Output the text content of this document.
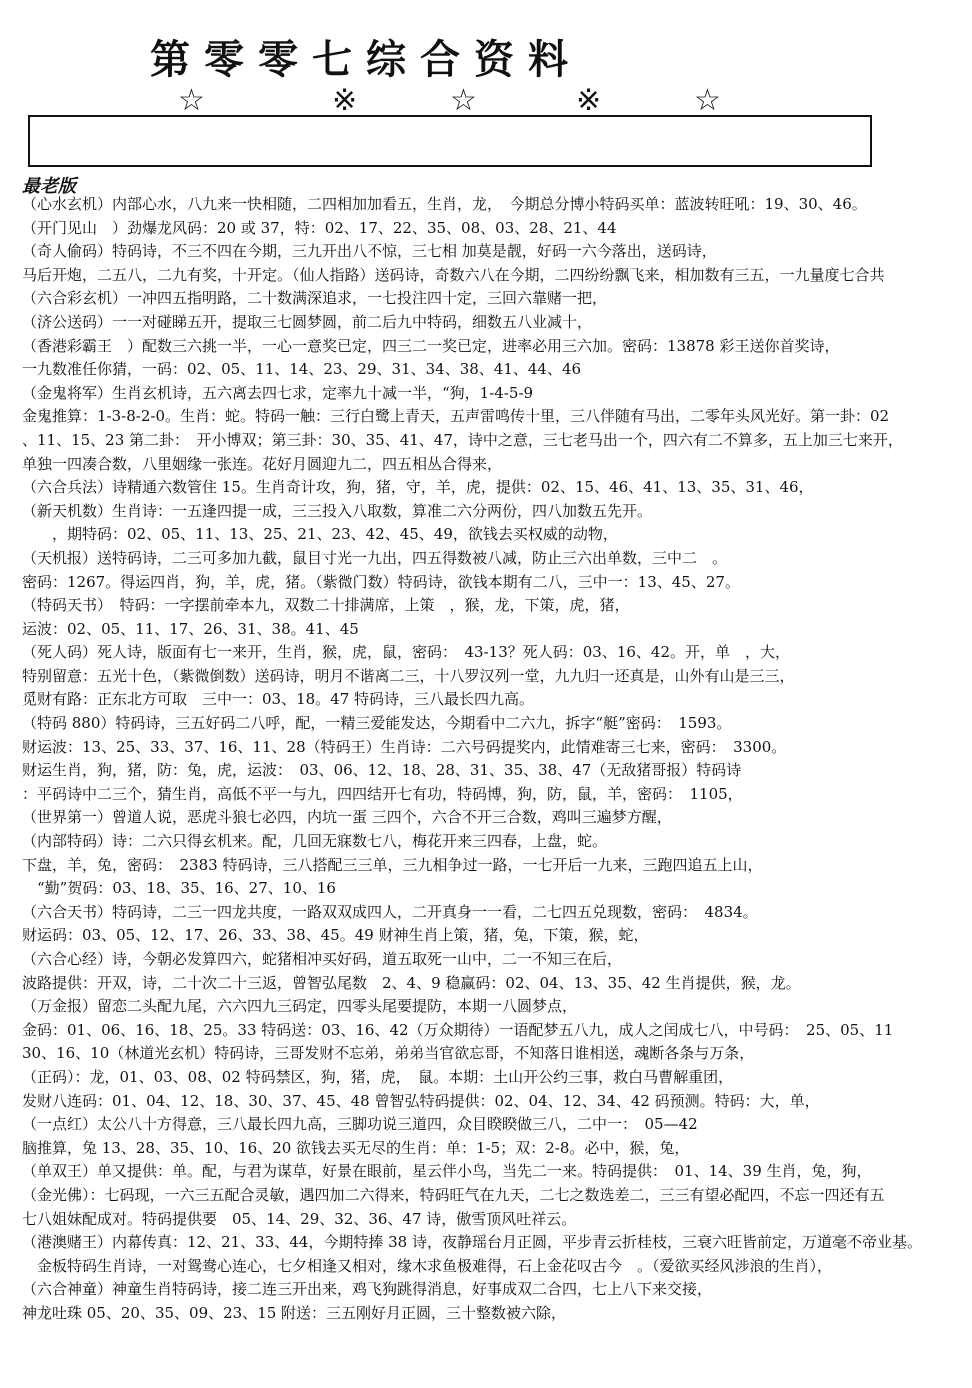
第零零七综合资料
☆	※	☆	※	☆
最老版
（心水玄机）内部心水，八九来一快相随，二四相加加看五，生肖，龙，　今期总分博小特码买单：蓝波转旺吼：19、30、46。
（开门见山　）劲爆龙风码：20 或 37，特：02、17、22、35、08、03、28、21、44
（奇人偷码）特码诗，不三不四在今期，三九开出八不惊，三七相 加莫是靓，好码一六今落出，送码诗，
马后开炮，二五八，二九有奖，十开定。（仙人指路）送码诗，奇数六八在今期，二四纷纷飘飞来，相加数有三五，一九量度七合共
（六合彩玄机）一冲四五指明路，二十数满深追求，一七投注四十定，三回六靠赌一把，
（济公送码）一一对碰睇五开，提取三七圆梦圆，前二后九中特码，细数五八业减十，
（香港彩霸王　）配数三六挑一半，一心一意奖已定，四三二一奖已定，进率必用三六加。密码：13878 彩王送你首奖诗，
一九数准任你猜，一码：02、05、11、14、23、29、31、34、38、41、44、46
（金鬼将军）生肖玄机诗，五六离去四七求，定率九十减一半，“狗，1-4-5-9
金鬼推算：1-3-8-2-0。生肖：蛇。特码一触：三行白鹭上青天，五声雷鸣传十里，三八伴随有马出，二零年头风光好。第一卦：02
、11、15、23 第二卦：　开小博双；第三卦：30、35、41、47，诗中之意，三七老马出一个，四六有二不算多，五上加三七来开，
单独一四凑合数，八里姻缘一张连。花好月圆迎九二，四五相丛合得来，
（六合兵法）诗精通六数管住 15。生肖奇计攻，狗，猪，守，羊，虎，提供：02、15、46、41、13、35、31、46，
（新天机数）生肖诗：一五逢四提一成，三三投入八取数，算准二六分两份，四八加数五先开。
　　，期特码：02、05、11、13、25、21、23、42、45、49，欲钱去买权威的动物，
（天机报）送特码诗，二三可多加九截，鼠目寸光一九出，四五得数被八减，防止三六出单数，三中二　。
密码：1267。得运四肖，狗，羊，虎，猪。（紫微门数）特码诗，欲钱本期有二八，三中一：13、45、27。
（特码天书）　特码：一字摆前牵本九，双数二十排满席，上策　，猴，龙，下策，虎，猪，
运波：02、05、11、17、26、31、38。41、45
（死人码）死人诗，版面有七一来开，生肖，猴，虎，鼠，密码：　43-13？死人码：03、16、42。开，单　，大，
特别留意：五光十色，（紫微倒数）送码诗，明月不谐离二三，十八罗汉列一堂，九九归一还真是，山外有山是三三，
觅财有路：正东北方可取　三中一：03、18。47 特码诗，三八最长四九高。
（特码 880）特码诗，三五好码二八呼，配，一精三爱能发达，今期看中二六九，拆字“艇”密码：　1593。
财运波：13、25、33、37、16、11、28（特码王）生肖诗：二六号码提奖内，此情难寄三七来，密码：　3300。
财运生肖，狗，猪，防：兔，虎，运波：　03、06、12、18、28、31、35、38、47（无敌猪哥报）特码诗
：平码诗中二三个，猜生肖，高低不平一与九，四四结开七有功，特码博，狗，防，鼠，羊，密码：　1105，
（世界第一）曾道人说，恶虎斗狼七必四，内坑一蛋 三四个，六合不开三合数，鸡叫三遍梦方醒，
（内部特码）诗：二六只得玄机来。配，几回无寐数七八，梅花开来三四春，上盘，蛇。
下盘，羊，兔，密码：　2383 特码诗，三八搭配三三单，三九相争过一路，一七开后一九来，三跑四追五上山，
　“勤”贺码：03、18、35、16、27、10、16
（六合天书）特码诗，二三一四龙共度，一路双双成四人，二开真身一一看，二七四五兑现数，密码：　4834。
财运码：03、05、12、17、26、33、38、45。49 财神生肖上策，猪，兔，下策，猴，蛇，
（六合心经）诗，今朝必发算四六，蛇猪相冲买好码，道五取死一山中，二一不知三在后，
波路提供：开双，诗，二十次二十三返，曾智弘尾数　2、4、9 稳赢码：02、04、13、35、42 生肖提供，猴，龙。
（万金报）留恋二头配九尾，六六四九三码定，四零头尾要提防，本期一八圆梦点，
金码：01、06、16、18、25。33 特码送：03、16、42（万众期待）一语配梦五八九，成人之闰成七八，中号码：　25、05、11
30、16、10（林道光玄机）特码诗，三哥发财不忘弟，弟弟当官欲忘哥，不知落日谁相送，魂断各条与万条，
（正码）：龙，01、03、08、02 特码禁区，狗，猪，虎，　鼠。本期：土山开公约三事，救白马曹解重团，
发财八连码：01、04、12、18、30、37、45、48 曾智弘特码提供：02、04、12、34、42 码预测。特码：大，单，
（一点红）太公八十方得意，三八最长四九高，三脚功说三道四，众目睽睽做三八，二中一：　05—42
脑推算，兔 13、28、35、10、16、20 欲钱去买无尽的生肖：单：1-5；双：2-8。必中，猴，兔，
（单双王）单又提供：单。配，与君为谋草，好景在眼前，星云伴小鸟，当先二一来。特码提供：　01、14、39 生肖，兔，狗，
（金光佛）：七码现，一六三五配合灵敏，遇四加二六得来，特码旺气在九天，二七之数选差二，三三有望必配四，不忘一四还有五
七八姐妹配成对。特码提供要　05、14、29、32、36、47 诗，傲雪顶风吐祥云。
（港澳赌王）内幕传真：12、21、33、44，今期特捧 38 诗，夜静瑶台月正圆，平步青云折桂枝，三衰六旺皆前定，万道毫不帝业基。
　金板特码生肖诗，一对鸳鸯心连心，七夕相逢又相对，缘木求鱼极难得，石上金花叹古今　。（爱欲买经风涉浪的生肖），
（六合神童）神童生肖特码诗，接二连三开出来，鸡飞狗跳得消息，好事成双二合四，七上八下来交接，
神龙吐珠 05、20、35、09、23、15 附送：三五刚好月正圆，三十整数被六除，
